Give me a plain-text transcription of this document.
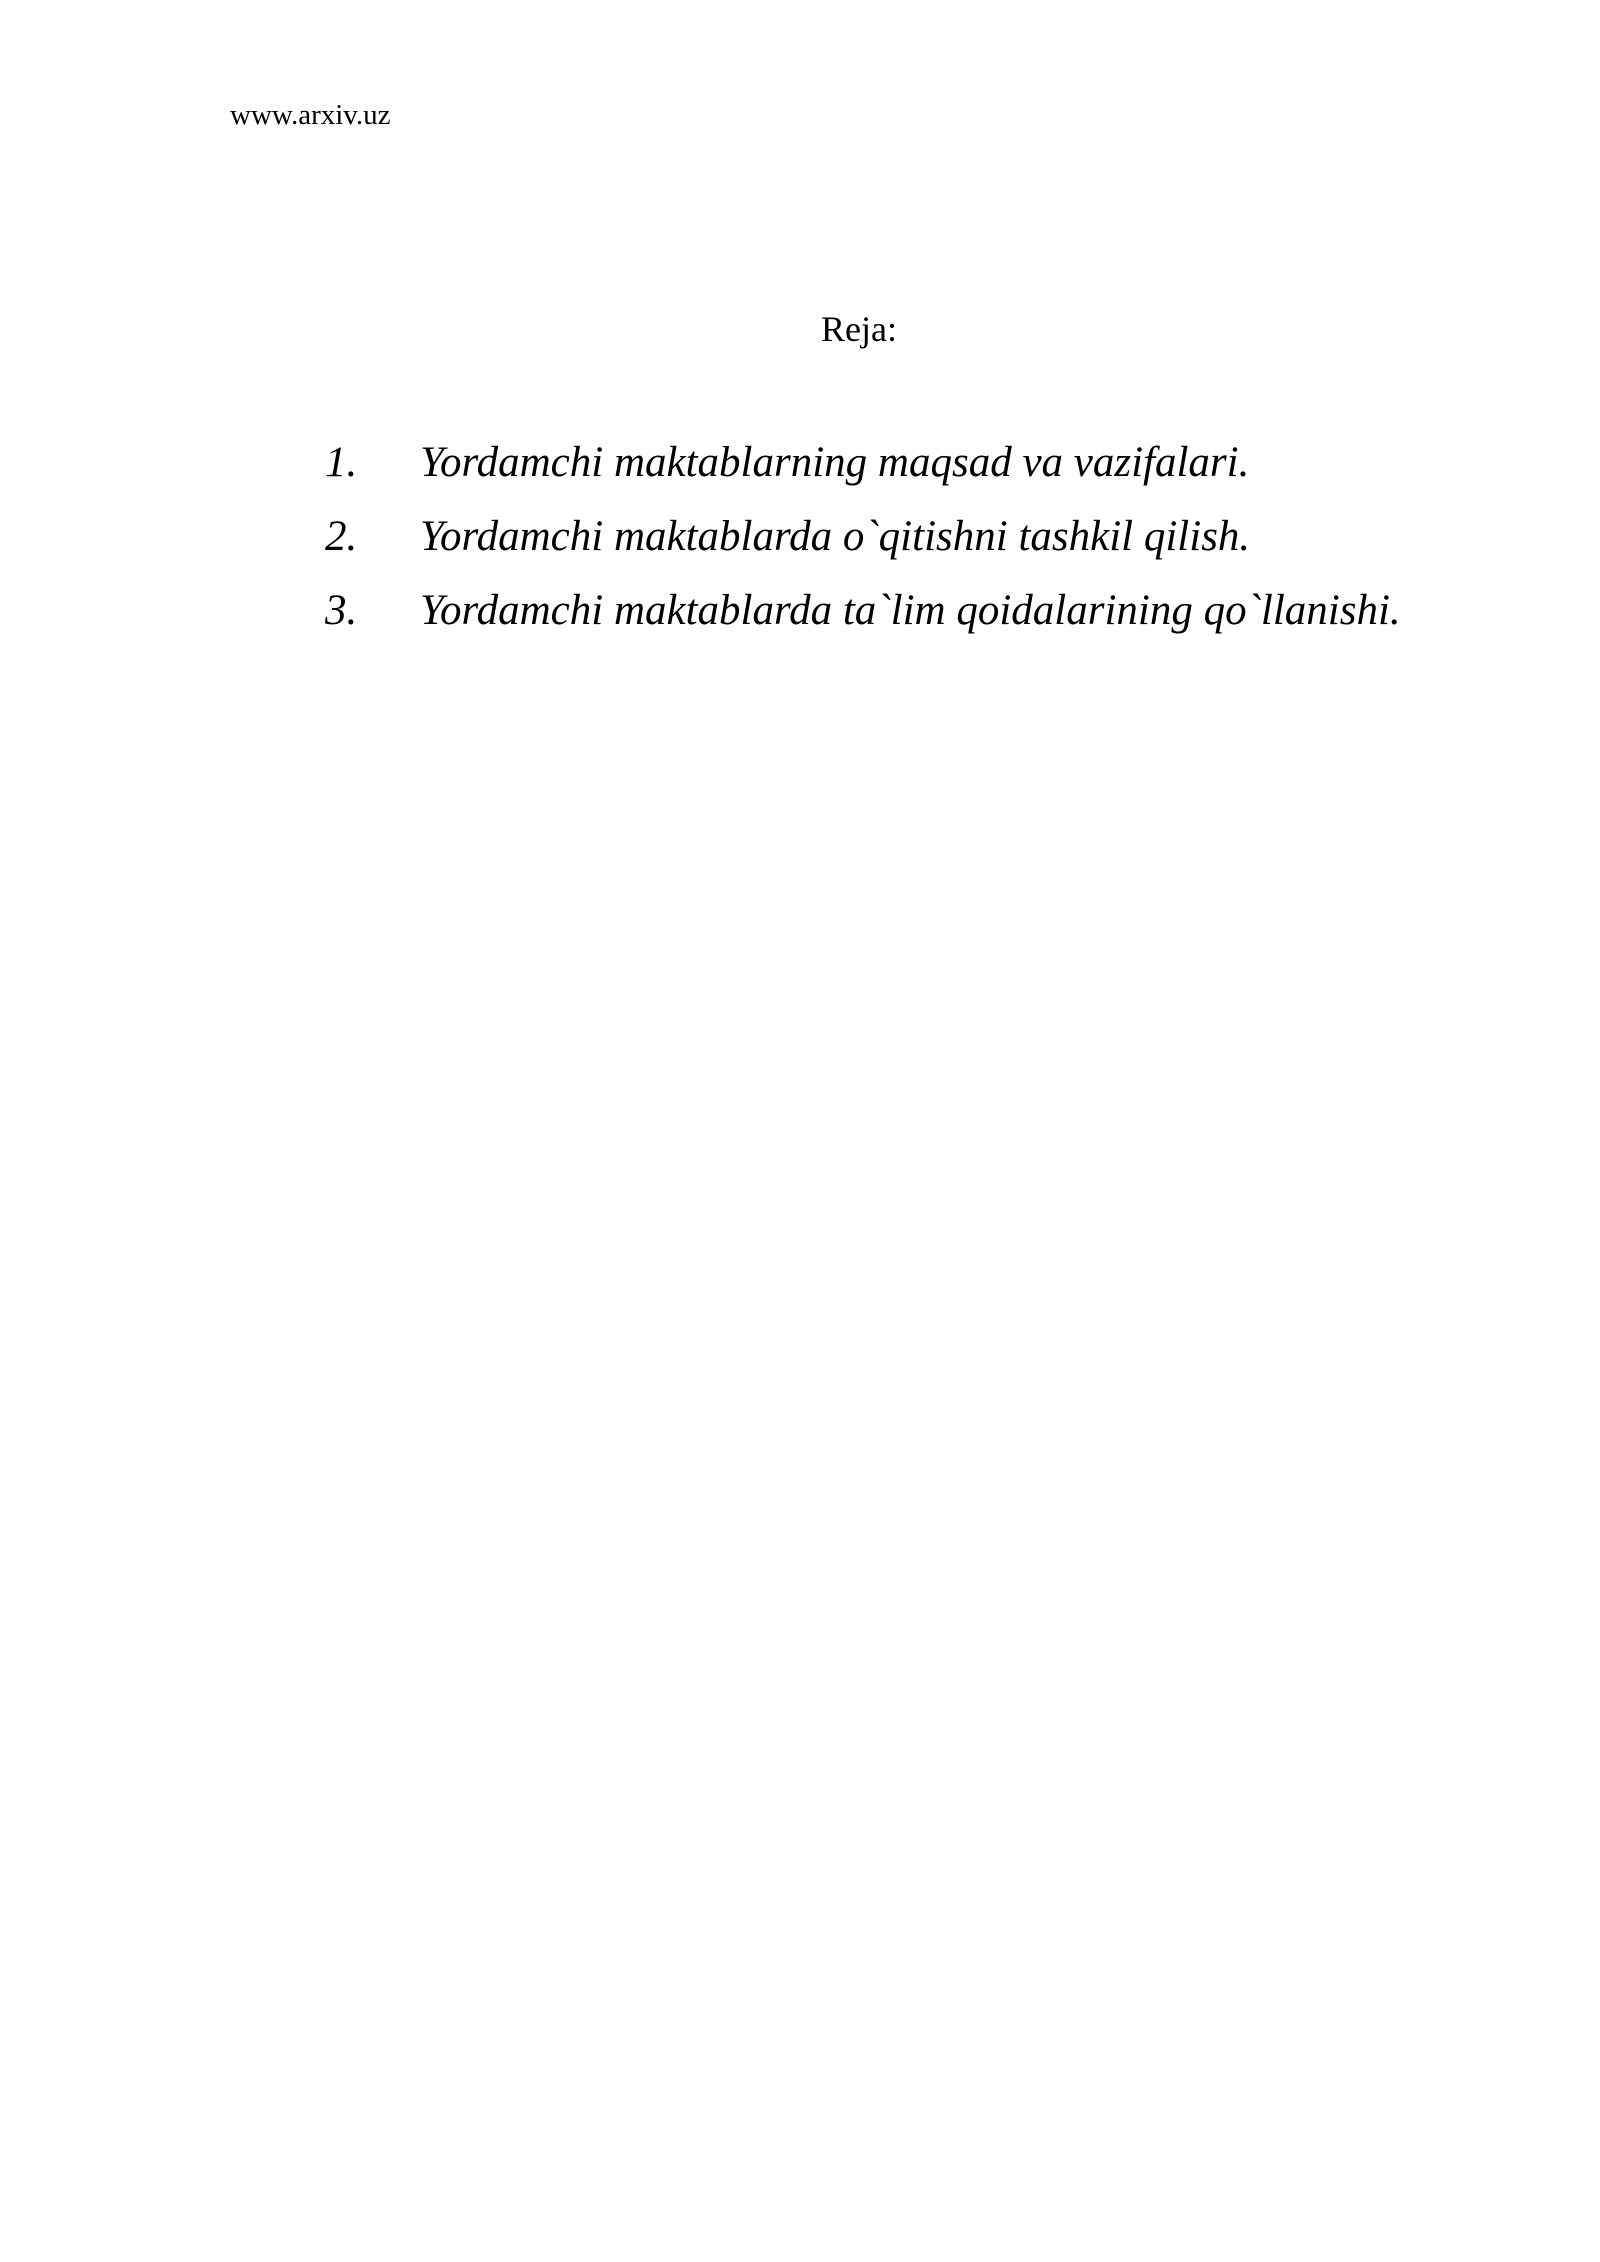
www.arxiv.uz
Reja:
1. Yordamchi maktablarning maqsad va vazifalari.
2. Yordamchi maktablarda o`qitishni tashkil qilish.
3. Yordamchi maktablarda ta`lim qoidalarining qo`llanishi.
